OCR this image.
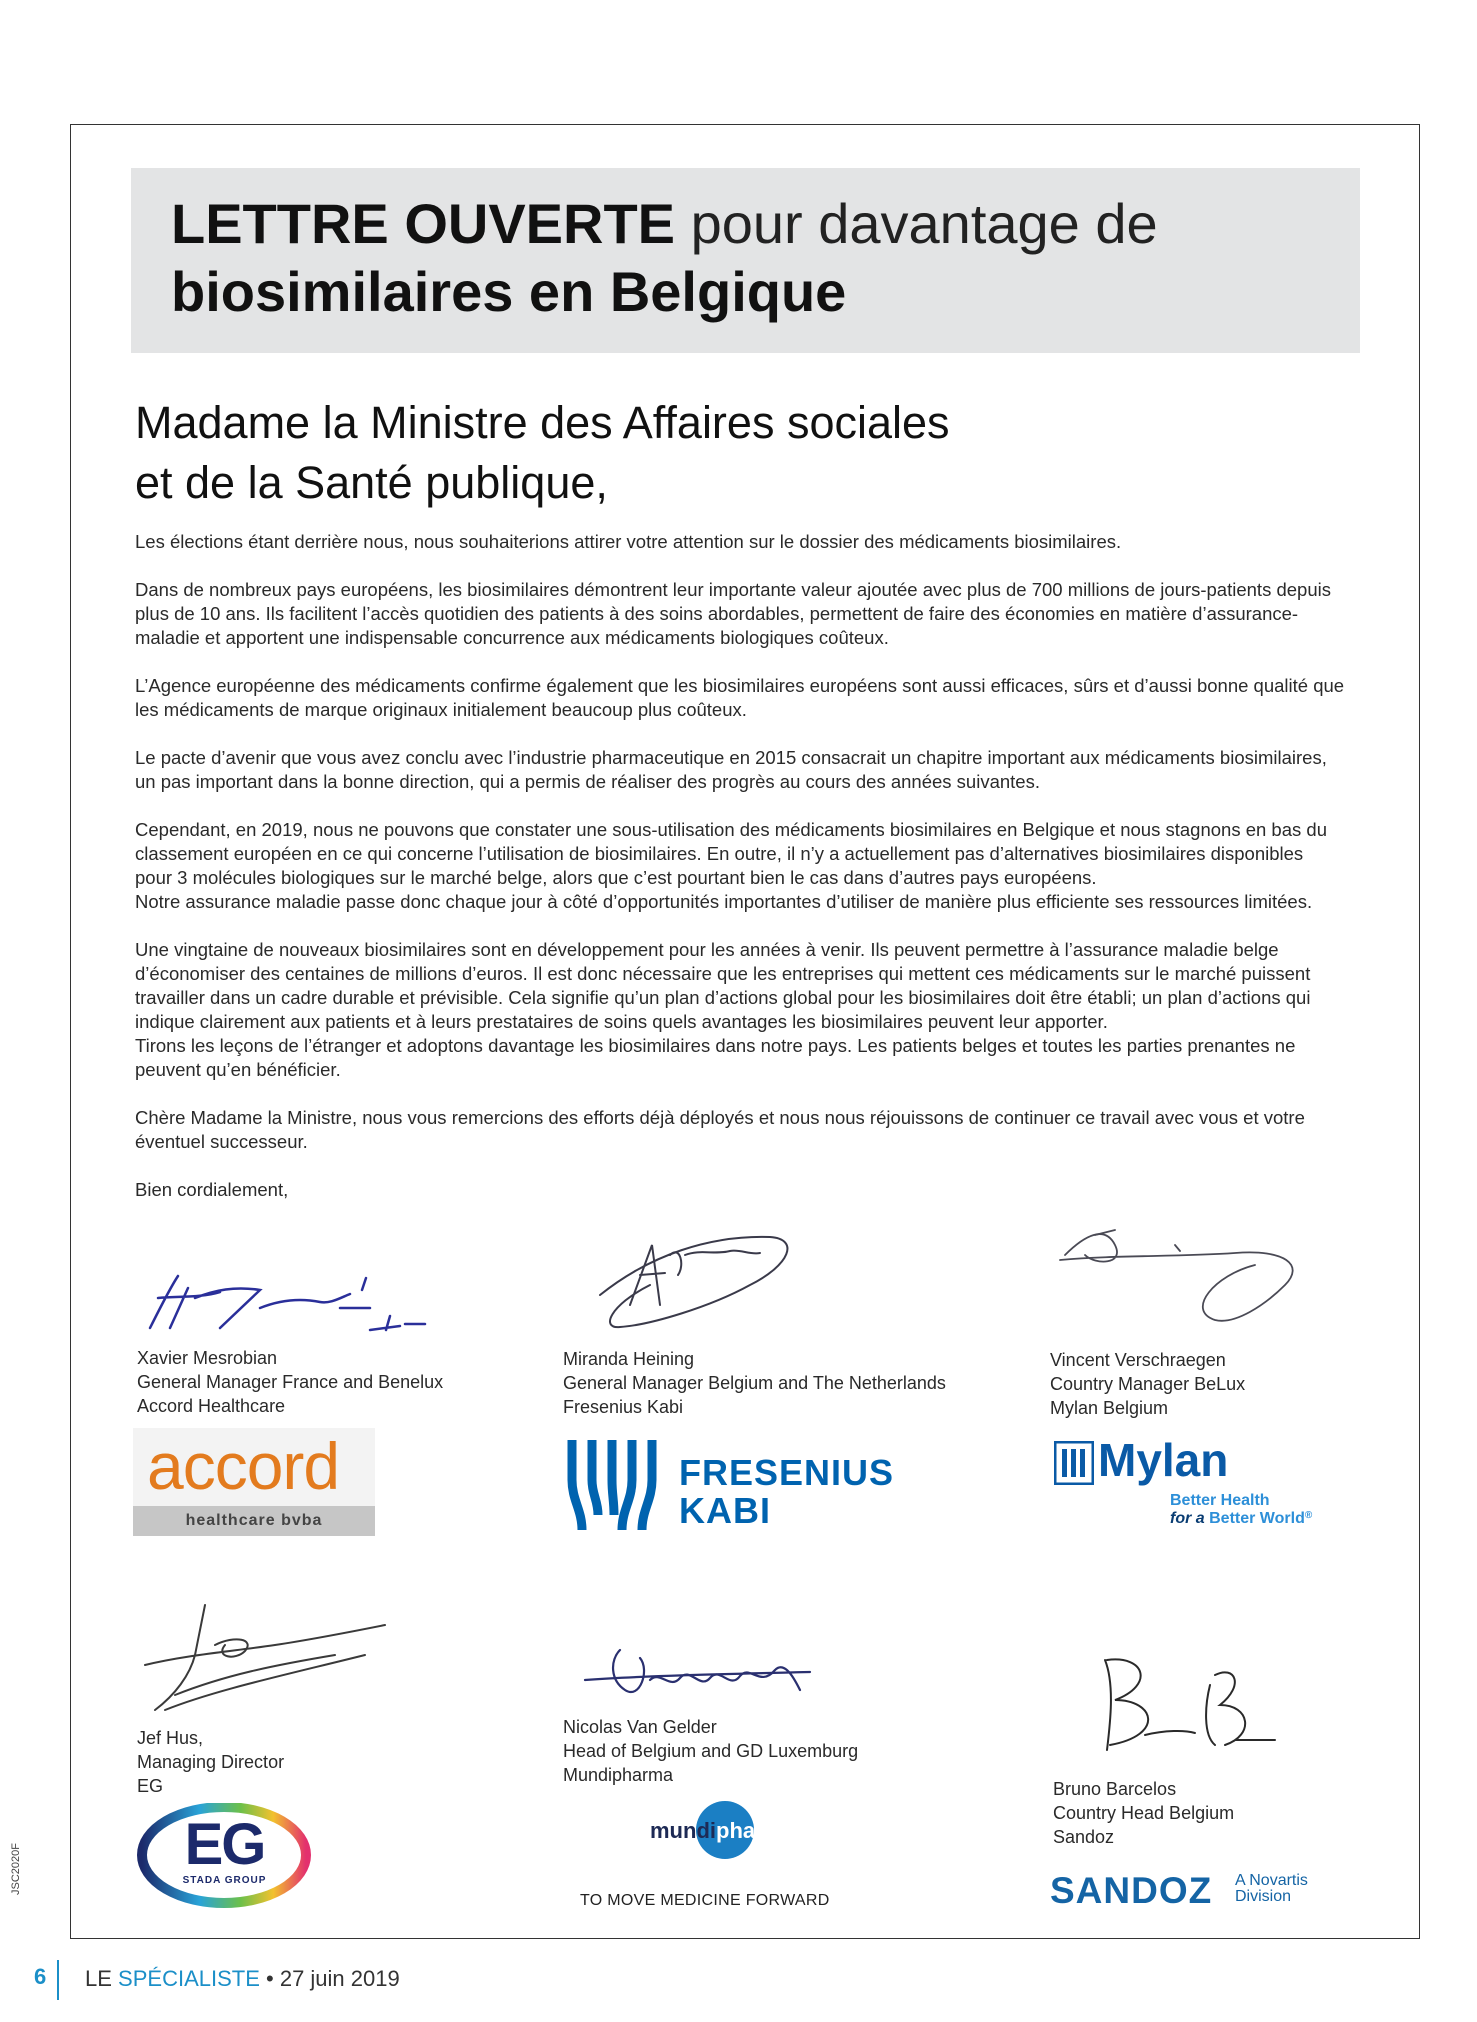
LETTRE OUVERTE pour davantage de
biosimilaires en Belgique
Madame la Ministre des Affaires sociales
et de la Santé publique,

Les élections étant derrière nous, nous souhaiterions attirer votre attention sur le dossier des médicaments biosimilaires.

Dans de nombreux pays européens, les biosimilaires démontrent leur importante valeur ajoutée avec plus de 700 millions de jours-patients depuis plus de 10 ans. Ils facilitent l’accès quotidien des patients à des soins abordables, permettent de faire des économies en matière d’assurance-maladie et apportent une indispensable concurrence aux médicaments biologiques coûteux.

L’Agence européenne des médicaments confirme également que les biosimilaires européens sont aussi efficaces, sûrs et d’aussi bonne qualité que les médicaments de marque originaux initialement beaucoup plus coûteux.

Le pacte d’avenir que vous avez conclu avec l’industrie pharmaceutique en 2015 consacrait un chapitre important aux médicaments biosimilaires, un pas important dans la bonne direction, qui a permis de réaliser des progrès au cours des années suivantes.

Cependant, en 2019, nous ne pouvons que constater une sous-utilisation des médicaments biosimilaires en Belgique et nous stagnons en bas du classement européen en ce qui concerne l’utilisation de biosimilaires. En outre, il n’y a actuellement pas d’alternatives biosimilaires disponibles pour 3 molécules biologiques sur le marché belge, alors que c’est pourtant bien le cas dans d’autres pays européens.

Notre assurance maladie passe donc chaque jour à côté d’opportunités importantes d’utiliser de manière plus efficiente ses ressources limitées.

Une vingtaine de nouveaux biosimilaires sont en développement pour les années à venir. Ils peuvent permettre à l’assurance maladie belge d’économiser des centaines de millions d’euros. Il est donc nécessaire que les entreprises qui mettent ces médicaments sur le marché puissent travailler dans un cadre durable et prévisible. Cela signifie qu’un plan d’actions global pour les biosimilaires doit être établi; un plan d’actions qui indique clairement aux patients et à leurs prestataires de soins quels avantages les biosimilaires peuvent leur apporter.

Tirons les leçons de l’étranger et adoptons davantage les biosimilaires dans notre pays. Les patients belges et toutes les parties prenantes ne peuvent qu’en bénéficier.

Chère Madame la Ministre, nous vous remercions des efforts déjà déployés et nous nous réjouissons de continuer ce travail avec vous et votre éventuel successeur.

Bien cordialement,

Xavier Mesrobian
General Manager France and Benelux
Accord Healthcare
Miranda Heining
General Manager Belgium and The Netherlands
Fresenius Kabi
Vincent Verschraegen
Country Manager BeLux
Mylan Belgium
Jef Hus,
Managing Director
EG
Nicolas Van Gelder
Head of Belgium and GD Luxemburg
Mundipharma
Bruno Barcelos
Country Head Belgium
Sandoz
accord
healthcare bvba
FRESENIUS
KABI
Mylan
Better Health
for a Better World®
EG
STADA GROUP
mundipharma
TO MOVE MEDICINE FORWARD	SANDOZ A Novartis
Division
JSC2020F
6 LE SPÉCIALISTE • 27 juin 2019
